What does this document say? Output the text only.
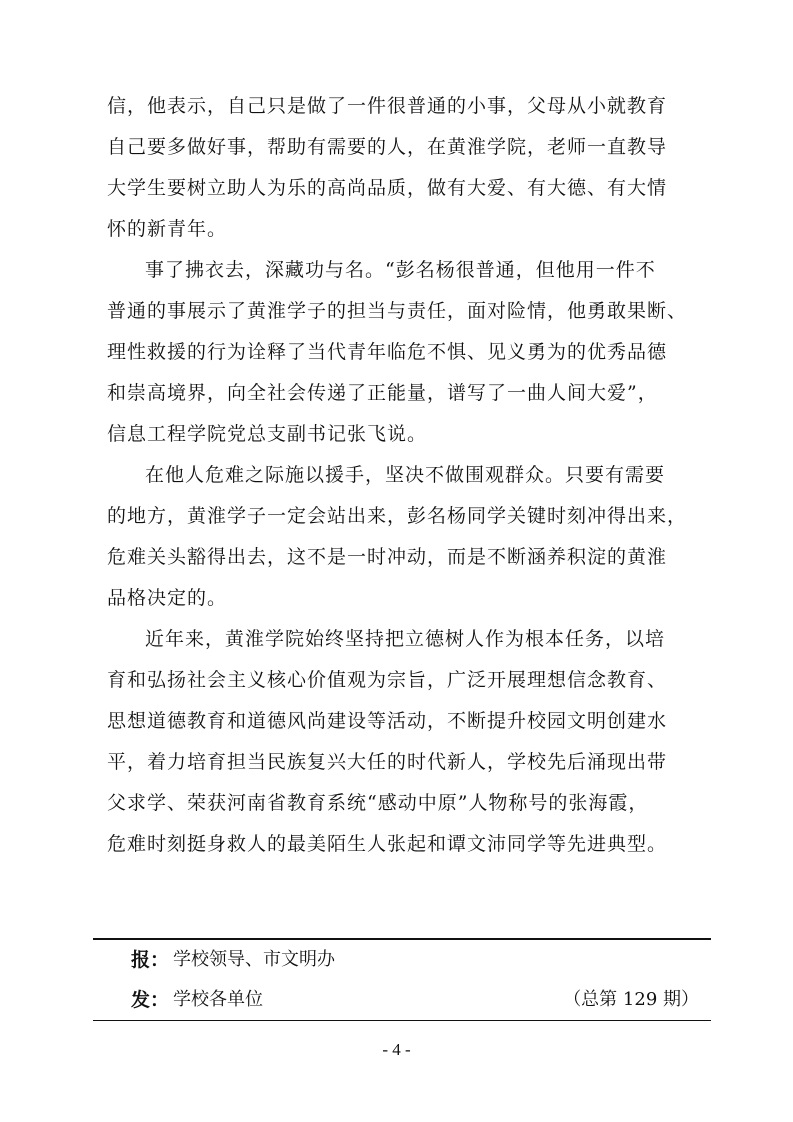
信，他表示，自己只是做了一件很普通的小事，父母从小就教育
自己要多做好事，帮助有需要的人，在黄淮学院，老师一直教导
大学生要树立助人为乐的高尚品质，做有大爱、有大德、有大情
怀的新青年。

事了拂衣去，深藏功与名。“彭名杨很普通，但他用一件不
普通的事展示了黄淮学子的担当与责任，面对险情，他勇敢果断、
理性救援的行为诠释了当代青年临危不惧、见义勇为的优秀品德
和崇高境界，向全社会传递了正能量，谱写了一曲人间大爱”，
信息工程学院党总支副书记张飞说。

在他人危难之际施以援手，坚决不做围观群众。只要有需要
的地方，黄淮学子一定会站出来，彭名杨同学关键时刻冲得出来，
危难关头豁得出去，这不是一时冲动，而是不断涵养积淀的黄淮
品格决定的。

近年来，黄淮学院始终坚持把立德树人作为根本任务，以培
育和弘扬社会主义核心价值观为宗旨，广泛开展理想信念教育、
思想道德教育和道德风尚建设等活动，不断提升校园文明创建水
平，着力培育担当民族复兴大任的时代新人，学校先后涌现出带
父求学、荣获河南省教育系统“感动中原”人物称号的张海霞，
危难时刻挺身救人的最美陌生人张起和谭文沛同学等先进典型。

报： 学校领导、市文明办
发： 学校各单位	（总第 129 期）
- 4 -
